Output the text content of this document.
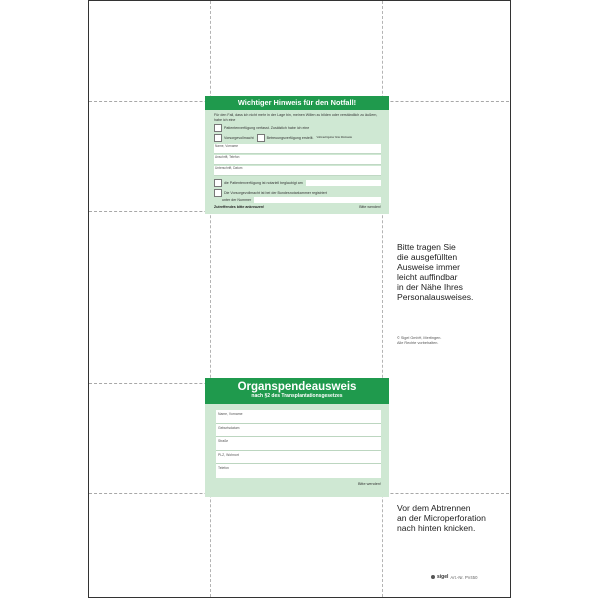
Wichtiger Hinweis für den Notfall!
Für den Fall, dass ich nicht mehr in der Lage bin, meinen Willen zu bilden oder verständlich zu äußern, habe ich eine
Patientenverfügung verfasst. Zusätzlich habe ich eine
Vorsorgevollmacht	Betreuungsverfügung erstellt. Vollmachtgeber bitte Rückseite
Name, Vorname
Anschrift, Telefon
Unterschrift, Datum
die Patientenverfügung ist notariell beglaubigt am
Die Vorsorgevollmacht ist bei der Bundesnotarkammer registriert
unter der Nummer
Zutreffendes bitte ankreuzen!	Bitte wenden!
Organspendeausweis
nach §2 des Transplantationsgesetzes
Name, Vorname
Geburtsdatum
Straße
PLZ, Wohnort
Telefon
Bitte wenden!
Bitte tragen Sie
die ausgefüllten
Ausweise immer
leicht auffindbar
in der Nähe Ihres
Personalausweises.
© Sigel GmbH, Mertingen.
Alle Rechte vorbehalten.
Vor dem Abtrennen
an der Microperforation
nach hinten knicken.
sigel Art.-Nr. PV450
